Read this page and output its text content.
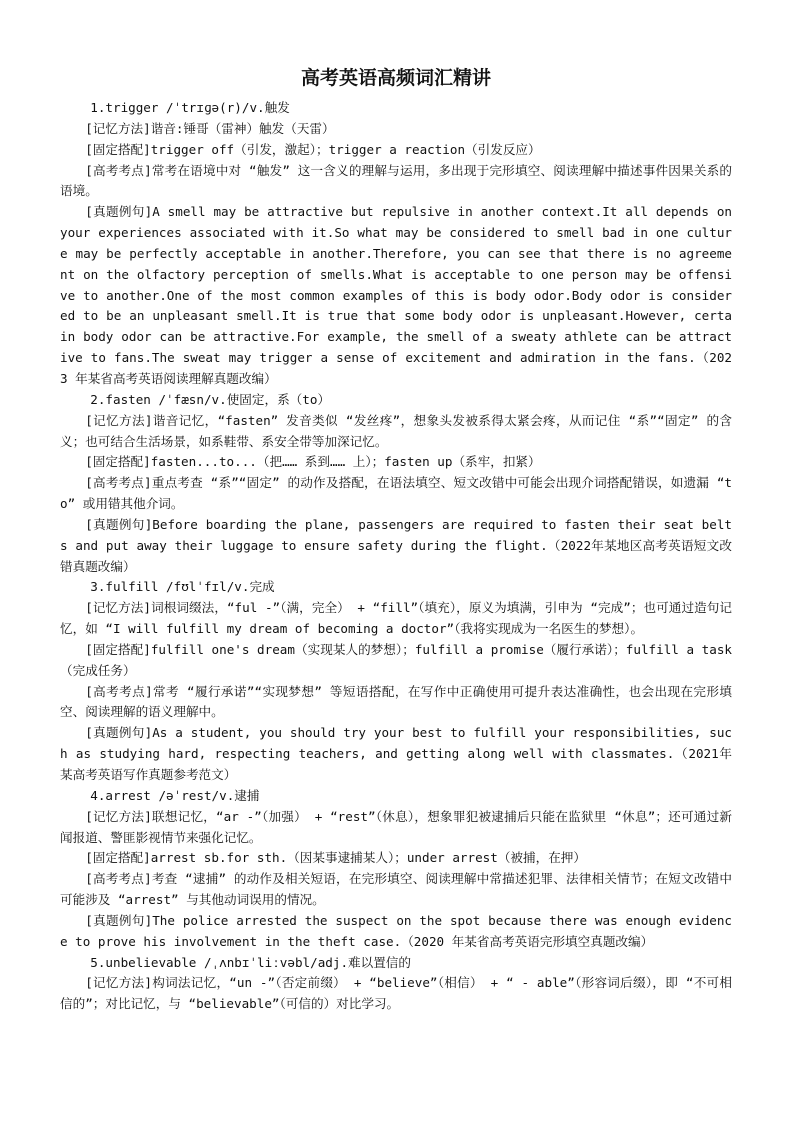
高考英语高频词汇精讲

1.trigger /ˈtrɪɡə(r)/v.触发

[记忆方法]谐音:锤哥（雷神）触发（天雷）

[固定搭配]trigger off（引发，激起）；trigger a reaction（引发反应）

[高考考点]常考在语境中对 “触发” 这一含义的理解与运用，多出现于完形填空、阅读理解中描述事件因果关系的语境。

[真题例句]A smell may be attractive but repulsive in another context.It all depends on your experiences associated with it.So what may be considered to smell bad in one culture may be perfectly acceptable in another.Therefore, you can see that there is no agreement on the olfactory perception of smells.What is acceptable to one person may be offensive to another.One of the most common examples of this is body odor.Body odor is considered to be an unpleasant smell.It is true that some body odor is unpleasant.However, certain body odor can be attractive.For example, the smell of a sweaty athlete can be attractive to fans.The sweat may trigger a sense of excitement and admiration in the fans.（2023 年某省高考英语阅读理解真题改编）

2.fasten /ˈfæsn/v.使固定，系（to）

[记忆方法]谐音记忆，“fasten” 发音类似 “发丝疼”，想象头发被系得太紧会疼，从而记住 “系”“固定” 的含义；也可结合生活场景，如系鞋带、系安全带等加深记忆。

[固定搭配]fasten...to...（把…… 系到…… 上）；fasten up（系牢，扣紧）

[高考考点]重点考查 “系”“固定” 的动作及搭配，在语法填空、短文改错中可能会出现介词搭配错误，如遗漏 “to” 或用错其他介词。

[真题例句]Before boarding the plane, passengers are required to fasten their seat belts and put away their luggage to ensure safety during the flight.（2022年某地区高考英语短文改错真题改编）

3.fulfill /fʊlˈfɪl/v.完成

[记忆方法]词根词缀法，“ful -”（满，完全） + “fill”（填充），原义为填满，引申为 “完成”；也可通过造句记忆，如 “I will fulfill my dream of becoming a doctor”（我将实现成为一名医生的梦想）。

[固定搭配]fulfill one's dream（实现某人的梦想）；fulfill a promise（履行承诺）；fulfill a task（完成任务）

[高考考点]常考 “履行承诺”“实现梦想” 等短语搭配，在写作中正确使用可提升表达准确性，也会出现在完形填空、阅读理解的语义理解中。

[真题例句]As a student, you should try your best to fulfill your responsibilities, such as studying hard, respecting teachers, and getting along well with classmates.（2021年某高考英语写作真题参考范文）

4.arrest /əˈrest/v.逮捕

[记忆方法]联想记忆，“ar -”（加强） + “rest”（休息），想象罪犯被逮捕后只能在监狱里 “休息”；还可通过新闻报道、警匪影视情节来强化记忆。

[固定搭配]arrest sb.for sth.（因某事逮捕某人）；under arrest（被捕，在押）

[高考考点]考查 “逮捕” 的动作及相关短语，在完形填空、阅读理解中常描述犯罪、法律相关情节；在短文改错中可能涉及 “arrest” 与其他动词误用的情况。

[真题例句]The police arrested the suspect on the spot because there was enough evidence to prove his involvement in the theft case.（2020 年某省高考英语完形填空真题改编）

5.unbelievable /ˌʌnbɪˈliːvəbl/adj.难以置信的

[记忆方法]构词法记忆，“un -”（否定前缀） + “believe”（相信） + “ - able”（形容词后缀），即 “不可相信的”；对比记忆，与 “believable”（可信的）对比学习。
